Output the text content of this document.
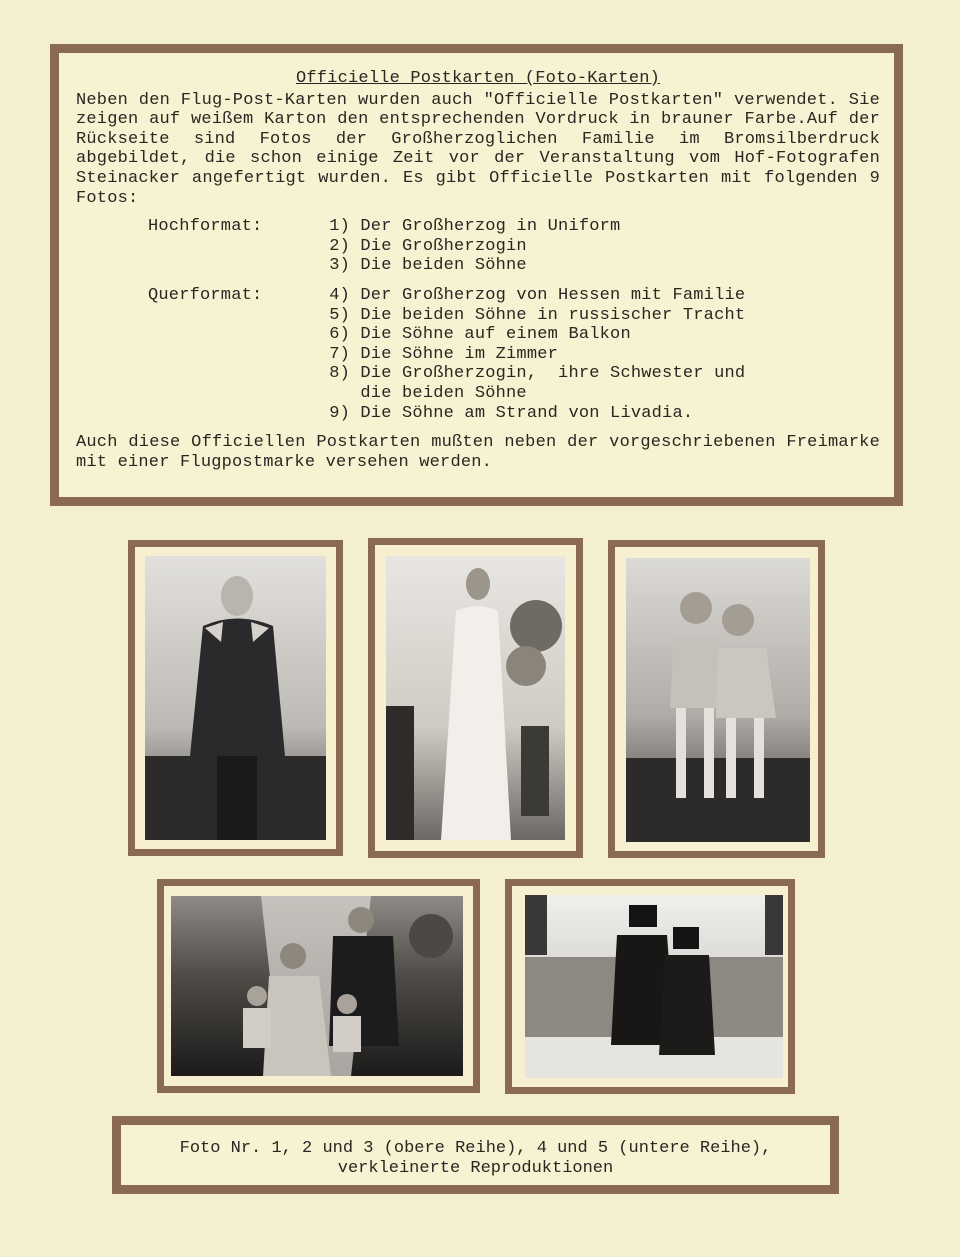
Officielle Postkarten (Foto-Karten)

Neben den Flug-Post-Karten wurden auch "Officielle Postkarten" verwendet. Sie zeigen auf weißem Karton den entsprechenden Vordruck in brauner Farbe.Auf der Rückseite sind Fotos der Großherzoglichen Familie im Bromsilberdruck abgebildet, die schon einige Zeit vor der Veranstaltung vom Hof-Fotografen Steinacker angefertigt wurden. Es gibt Officielle Postkarten mit folgenden 9 Fotos:

Hochformat:	1)
Der Großherzog in Uniform
2)
Die Großherzogin
3)
Die beiden Söhne
Querformat:	4)
Der Großherzog von Hessen mit Familie
5)
Die beiden Söhne in russischer Tracht
6)
Die Söhne auf einem Balkon
7)
Die Söhne im Zimmer
8)
Die Großherzogin,  ihre Schwester und
die beiden Söhne
9)
Die Söhne am Strand von Livadia.

Auch diese Officiellen Postkarten mußten neben der vorgeschriebenen Freimarke mit einer Flugpostmarke versehen werden.

Foto Nr. 1, 2 und 3 (obere Reihe), 4 und 5 (untere Reihe),
verkleinerte Reproduktionen
